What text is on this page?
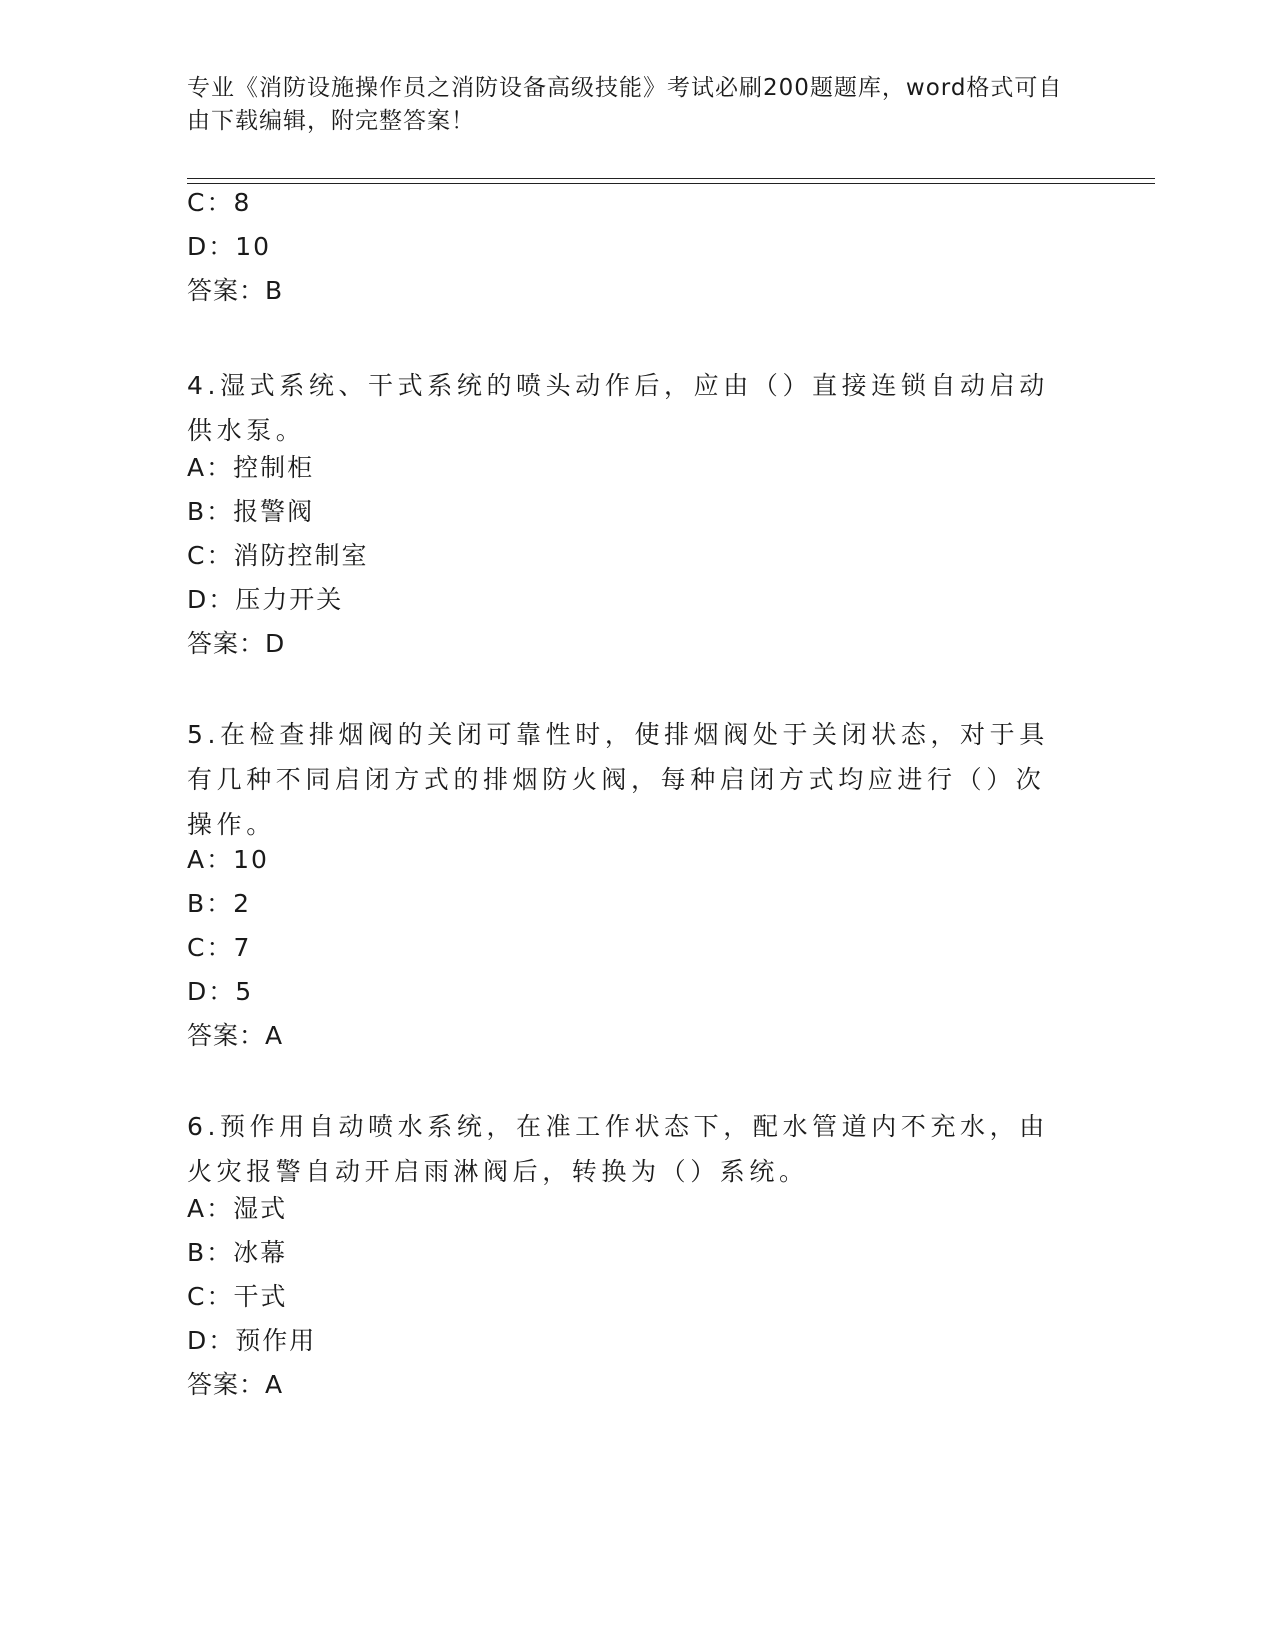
专业《消防设施操作员之消防设备高级技能》考试必刷200题题库，word格式可自由下载编辑，附完整答案！
C：8
D：10
答案：B
4.湿式系统、干式系统的喷头动作后，应由（）直接连锁自动启动供水泵。
A：控制柜
B：报警阀
C：消防控制室
D：压力开关
答案：D
5.在检查排烟阀的关闭可靠性时，使排烟阀处于关闭状态，对于具有几种不同启闭方式的排烟防火阀，每种启闭方式均应进行（）次操作。
A：10
B：2
C：7
D：5
答案：A
6.预作用自动喷水系统，在准工作状态下，配水管道内不充水，由火灾报警自动开启雨淋阀后，转换为（）系统。
A：湿式
B：冰幕
C：干式
D：预作用
答案：A
